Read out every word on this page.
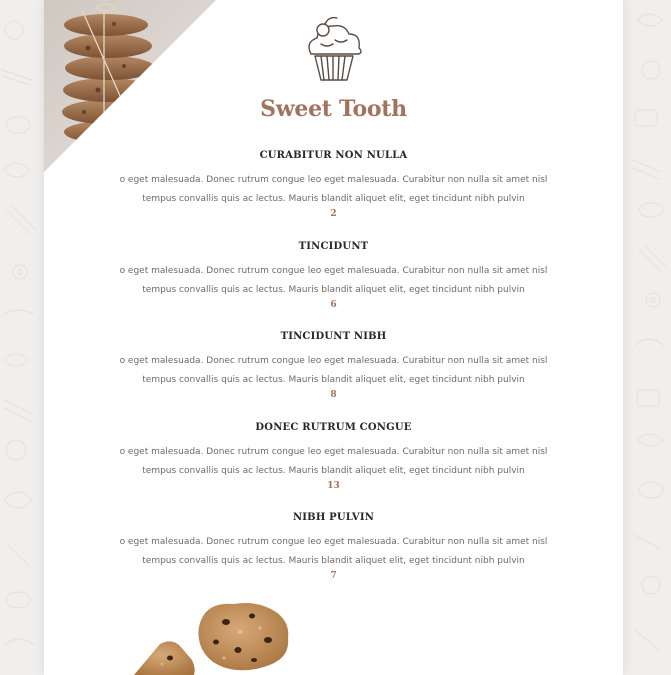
Sweet Tooth
CURABITUR NON NULLA
o eget malesuada. Donec rutrum congue leo eget malesuada. Curabitur non nulla sit amet nisl tempus convallis quis ac lectus. Mauris blandit aliquet elit, eget tincidunt nibh pulvin
2
TINCIDUNT
o eget malesuada. Donec rutrum congue leo eget malesuada. Curabitur non nulla sit amet nisl tempus convallis quis ac lectus. Mauris blandit aliquet elit, eget tincidunt nibh pulvin
6
TINCIDUNT NIBH
o eget malesuada. Donec rutrum congue leo eget malesuada. Curabitur non nulla sit amet nisl tempus convallis quis ac lectus. Mauris blandit aliquet elit, eget tincidunt nibh pulvin
8
DONEC RUTRUM CONGUE
o eget malesuada. Donec rutrum congue leo eget malesuada. Curabitur non nulla sit amet nisl tempus convallis quis ac lectus. Mauris blandit aliquet elit, eget tincidunt nibh pulvin
13
NIBH PULVIN
o eget malesuada. Donec rutrum congue leo eget malesuada. Curabitur non nulla sit amet nisl tempus convallis quis ac lectus. Mauris blandit aliquet elit, eget tincidunt nibh pulvin
7
